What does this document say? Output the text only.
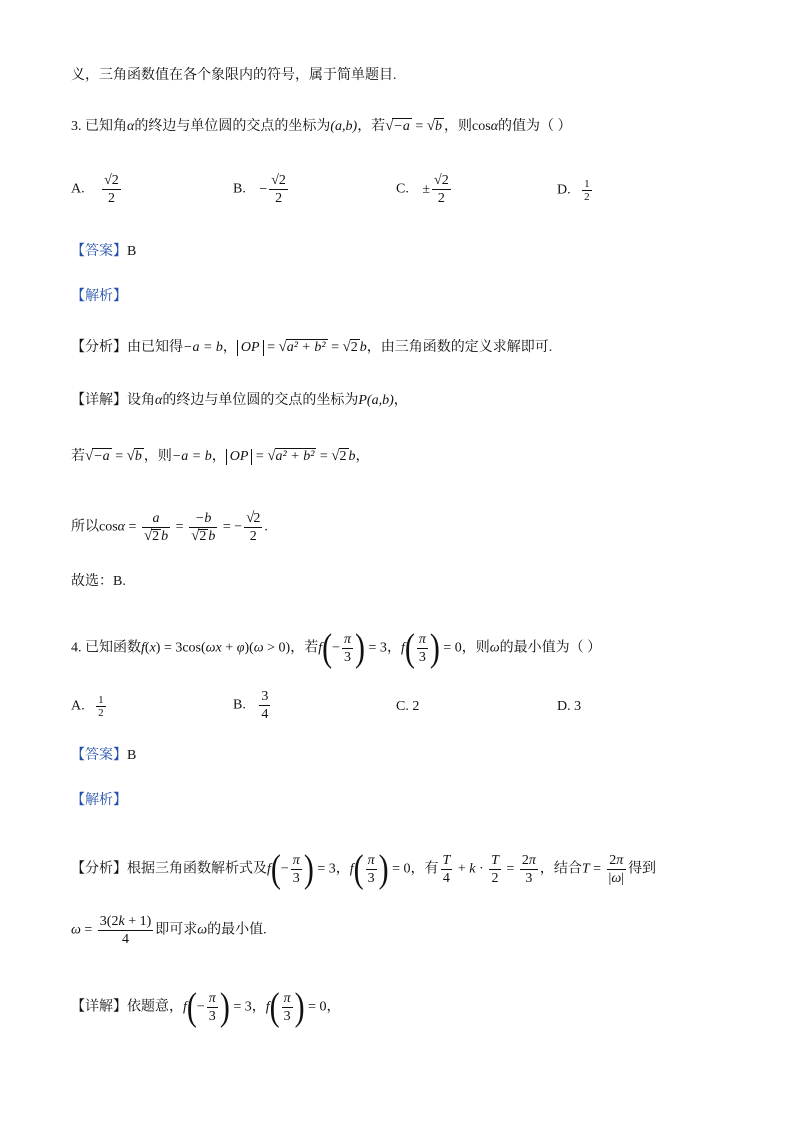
义，三角函数值在各个象限内的符号，属于简单题目.
3. 已知角α的终边与单位圆的交点的坐标为(a,b)，若√−a = √b ，则cosα的值为（ ）
A. $\frac{√2}{2}$	B. − $\frac{√2}{2}$	C. ± $\frac{√2}{2}$	D. $\frac{1}{2}$
【答案】B
【解析】
【分析】由已知得−a = b， OP = √a² + b² = √2 b，由三角函数的定义求解即可.
【详解】设角α的终边与单位圆的交点的坐标为P(a,b)，
若√−a = √b ，则−a = b， OP = √a² + b² = √2 b，
所以$\cos\alpha = \frac{a}{√2 b} = \frac{-b}{√2 b}$ = − $\frac{√2}{2}$ .
故选：B.
4. 已知函数f(x) = 3cos(ωx + φ)(ω > 0)，若$f(- \frac{\pi}{3}$ ) = 3，$f( \frac{\pi}{3}$ ) = 0，则ω的最小值为（ ）
A. $\frac{1}{2}$	B. $\frac{3}{4}$	C. 2	D. 3
【答案】B
【解析】
【分析】根据三角函数解析式及$f(- \frac{\pi}{3}$ ) = 3，$f( \frac{\pi}{3}$ ) = 0，有 $\frac{T}{4} + k \cdot \frac{T}{2} = \frac{2\pi}{3}$ ，结合$T = \frac{2\pi}{|\omega|}$ 得到
$\omega = \frac{3(2k + 1)}{4}$ 即可求ω的最小值.
【详解】依题意，$f(- \frac{\pi}{3}$ ) = 3，$f( \frac{\pi}{3}$ ) = 0，
